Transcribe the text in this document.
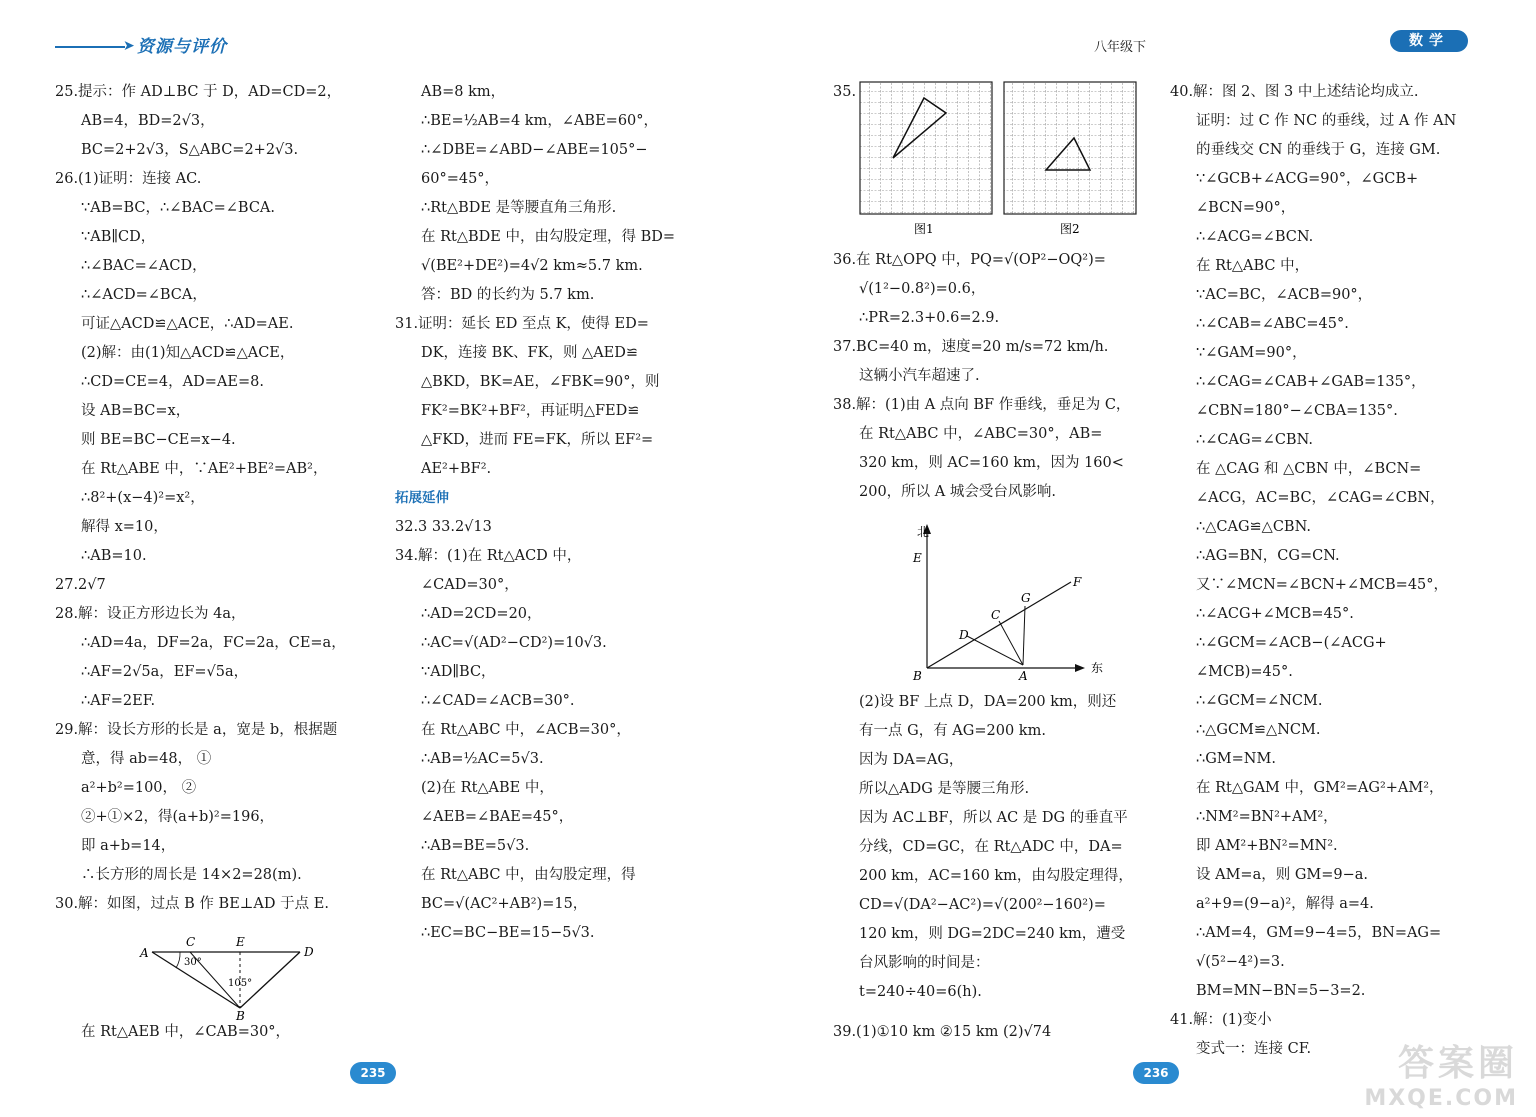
➤ 资源与评价

25.提示：作 AD⊥BC 于 D，AD=CD=2，

AB=4，BD=2√3，

BC=2+2√3，S△ABC=2+2√3.

26.(1)证明：连接 AC.

∵AB=BC，∴∠BAC=∠BCA.

∵AB∥CD，

∴∠BAC=∠ACD，

∴∠ACD=∠BCA，

可证△ACD≌△ACE，∴AD=AE.

(2)解：由(1)知△ACD≌△ACE，

∴CD=CE=4，AD=AE=8.

设 AB=BC=x，

则 BE=BC−CE=x−4.

在 Rt△ABE 中，∵AE²+BE²=AB²，

∴8²+(x−4)²=x²，

解得 x=10，

∴AB=10.

27.2√7

28.解：设正方形边长为 4a，

∴AD=4a，DF=2a，FC=2a，CE=a，

∴AF=2√5a，EF=√5a，

∴AF=2EF.

29.解：设长方形的长是 a，宽是 b，根据题

意，得 ab=48， ①

a²+b²=100， ②

②+①×2，得(a+b)²=196，

即 a+b=14，

∴长方形的周长是 14×2=28(m).

30.解：如图，过点 B 作 BE⊥AD 于点 E.

A
C	E
D
B
30°
105°

在 Rt△AEB 中，∠CAB=30°，

AB=8 km，

∴BE=½AB=4 km，∠ABE=60°，

∴∠DBE=∠ABD−∠ABE=105°−

60°=45°，

∴Rt△BDE 是等腰直角三角形.

在 Rt△BDE 中，由勾股定理，得 BD=

√(BE²+DE²)=4√2 km≈5.7 km.

答：BD 的长约为 5.7 km.

31.证明：延长 ED 至点 K，使得 ED=

DK，连接 BK、FK，则 △AED≌

△BKD，BK=AE，∠FBK=90°，则

FK²=BK²+BF²，再证明△FED≌

△FKD，进而 FE=FK，所以 EF²=

AE²+BF².

拓展延伸

32.3 33.2√13

34.解：(1)在 Rt△ACD 中，

∠CAD=30°，

∴AD=2CD=20，

∴AC=√(AD²−CD²)=10√3.

∵AD∥BC，

∴∠CAD=∠ACB=30°.

在 Rt△ABC 中，∠ACB=30°，

∴AB=½AC=5√3.

(2)在 Rt△ABE 中，

∠AEB=∠BAE=45°，

∴AB=BE=5√3.

在 Rt△ABC 中，由勾股定理，得

BC=√(AC²+AB²)=15，

∴EC=BC−BE=15−5√3.

235
八年级下	数学

35.

图1	图2

36.在 Rt△OPQ 中，PQ=√(OP²−OQ²)=

√(1²−0.8²)=0.6，

∴PR=2.3+0.6=2.9.

37.BC=40 m，速度=20 m/s=72 km/h.

这辆小汽车超速了.

38.解：(1)由 A 点向 BF 作垂线，垂足为 C，

在 Rt△ABC 中，∠ABC=30°，AB=

320 km，则 AC=160 km，因为 160<

200，所以 A 城会受台风影响.

北
E
F
G
C
D
B	A
东

(2)设 BF 上点 D，DA=200 km，则还

有一点 G，有 AG=200 km.

因为 DA=AG，

所以△ADG 是等腰三角形.

因为 AC⊥BF，所以 AC 是 DG 的垂直平

分线，CD=GC，在 Rt△ADC 中，DA=

200 km，AC=160 km，由勾股定理得，

CD=√(DA²−AC²)=√(200²−160²)=

120 km，则 DG=2DC=240 km，遭受

台风影响的时间是：

t=240÷40=6(h).

39.(1)①10 km ②15 km (2)√74

40.解：图 2、图 3 中上述结论均成立.

证明：过 C 作 NC 的垂线，过 A 作 AN

的垂线交 CN 的垂线于 G，连接 GM.

∵∠GCB+∠ACG=90°，∠GCB+

∠BCN=90°，

∴∠ACG=∠BCN.

在 Rt△ABC 中，

∵AC=BC，∠ACB=90°，

∴∠CAB=∠ABC=45°.

∵∠GAM=90°，

∴∠CAG=∠CAB+∠GAB=135°，

∠CBN=180°−∠CBA=135°.

∴∠CAG=∠CBN.

在 △CAG 和 △CBN 中，∠BCN=

∠ACG，AC=BC，∠CAG=∠CBN，

∴△CAG≌△CBN.

∴AG=BN，CG=CN.

又∵∠MCN=∠BCN+∠MCB=45°，

∴∠ACG+∠MCB=45°.

∴∠GCM=∠ACB−(∠ACG+

∠MCB)=45°.

∴∠GCM=∠NCM.

∴△GCM≌△NCM.

∴GM=NM.

在 Rt△GAM 中，GM²=AG²+AM²，

∴NM²=BN²+AM²，

即 AM²+BN²=MN².

设 AM=a，则 GM=9−a.

a²+9=(9−a)²，解得 a=4.

∴AM=4，GM=9−4=5，BN=AG=

√(5²−4²)=3.

BM=MN−BN=5−3=2.

41.解：(1)变小

变式一：连接 CF.

236	答案圈
MXQE.COM
